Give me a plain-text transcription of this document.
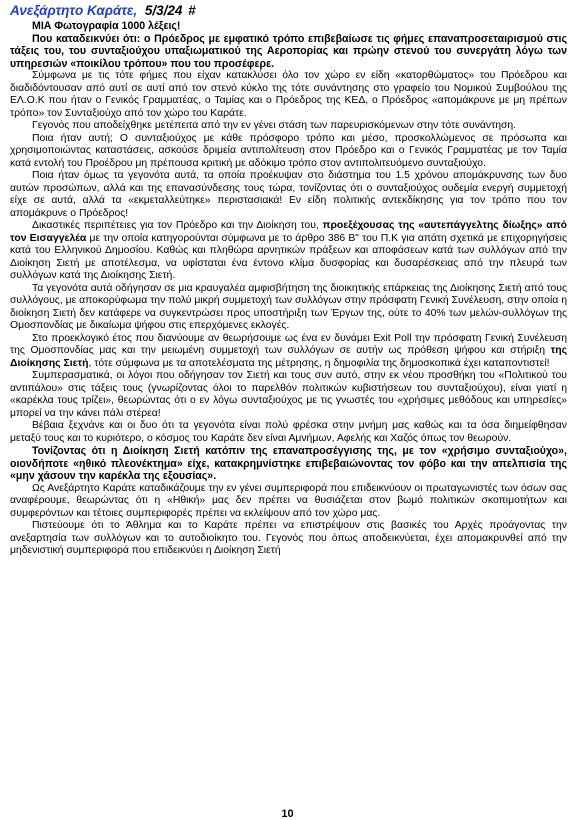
Ανεξάρτητο Καράτε, 5/3/24 #

ΜΙΑ Φωτογραφία 1000 λέξεις!

Που καταδεικνύει ότι: ο Πρόεδρος με εμφατικό τρόπο επιβεβαίωσε τις φήμες επαναπροσεταιρισμού στις τάξεις του, του συνταξιούχου υπαξιωματικού της Αεροπορίας και πρώην στενού του συνεργάτη λόγω των υπηρεσιών «ποικίλου τρόπου» που του προσέφερε.

Σύμφωνα με τις τότε φήμες που είχαν κατακλύσει όλο τον χώρο εν είδη «κατορθώματος» του Πρόεδρου και διαδιδόντουσαν από αυτί σε αυτί από τον στενό κύκλο της τότε συνάντησης στο γραφείο του Νομικού Συμβούλου της ΕΛ.Ο.Κ που ήταν ο Γενικός Γραμματέας, ο Ταμίας και ο Πρόεδρος της ΚΕΔ, ο Πρόεδρος «απομάκρυνε με μη πρέπων τρόπο» τον Συνταξιούχο από τον χώρο του Καράτε.

Γεγονός που αποδείχθηκε μετέπειτα από την εν γένει στάση των παρευρισκόμενων στην τότε συνάντηση.

Ποια ήταν αυτή; Ο συνταξιούχος με κάθε πρόσφορο τρόπο και μέσο, προσκολλώμενος σε πρόσωπα και χρησιμοποιώντας καταστάσεις, ασκούσε δριμεία αντιπολίτευση στον Πρόεδρο και ο Γενικός Γραμματέας με τον Ταμία κατά εντολή του Προέδρου μη πρέπουσα κριτική με αδόκιμο τρόπο στον αντιπολιτευόμενο συνταξιούχο.

Ποια ήταν όμως τα γεγονότα αυτά, τα οποία προέκυψαν στο διάστημα του 1.5 χρόνου απομάκρυνσης των δυο αυτών προσώπων, αλλά και της επανασύνδεσης τους τώρα, τονίζοντας ότι ο συνταξιούχος ουδεμία ενεργή συμμετοχή είχε σε αυτά, αλλά τα «εκμεταλλεύτηκε» περιστασιακά! Εν είδη πολιτικής αντεκδίκησης για τον τρόπο που τον απομάκρυνε ο Πρόεδρος!

Δικαστικές περιπέτειες για τον Πρόεδρο και την Διοίκηση του, προεξέχουσας της «αυτεπάγγελτης δίωξης» από τον Εισαγγελέα με την οποία κατηγορούνται σύμφωνα με το άρθρο 386 Β" του Π.Κ για απάτη σχετικά με επιχορηγήσεις κατά του Ελληνικού Δημοσίου. Καθώς και πληθώρα αρνητικών πράξεων και αποφάσεων κατά των συλλόγων από την Διοίκηση Σιετή με αποτέλεσμα, να υφίσταται ένα έντονο κλίμα δυσφορίας και δυσαρέσκειας από την πλευρά των συλλόγων κατά της Διοίκησης Σιετή.

Τα γεγονότα αυτά οδήγησαν σε μια κραυγαλέα αμφισβήτηση της διοικητικής επάρκειας της Διοίκησης Σιετή από τους συλλόγους, με αποκορύφωμα την πολύ μικρή συμμετοχή των συλλόγων στην πρόσφατη Γενική Συνέλευση, στην οποία η διοίκηση Σιετή δεν κατάφερε να συγκεντρώσει προς υποστήριξη των Έργων της, ούτε το 40% των μελών-συλλόγων της Ομοσπονδίας με δικαίωμα ψήφου στις επερχόμενες εκλογές.

Στο προεκλογικό έτος που διανύουμε αν θεωρήσουμε ως ένα εν δυνάμει Exit Poll την πρόσφατη Γενική Συνέλευση της Ομοσπονδίας μας και την μειωμένη συμμετοχή των συλλόγων σε αυτήν ως πρόθεση ψήφου και στήριξη της Διοίκησης Σιετή, τότε σύμφωνα με τα αποτελέσματα της μέτρησης, η δημοφιλία της δημοσκοπικά έχει καταποντιστεί!

Συμπερασματικά, οι λόγοι που οδήγησαν τον Σιετή και τους συν αυτό, στην εκ νέου προσθήκη του «Πολιτικού του αντιπάλου» στις τάξεις τους (γνωρίζοντας όλοι το παρελθόν πολιτικών κυβιστήσεων του συνταξιούχου), είναι γιατί η «καρέκλα τους τρίζει», θεωρώντας ότι ο εν λόγω συνταξιούχος με τις γνωστές του «χρήσιμες μεθόδους και υπηρεσίες» μπορεί να την κάνει πάλι στέρεα!

Βέβαια ξεχνάνε και οι δυο ότι τα γεγονότα είναι πολύ φρέσκα στην μνήμη μας καθώς και τα όσα διημείφθησαν μεταξύ τους και το κυριότερο, ο κόσμος του Καράτε δεν είναι Αμνήμων, Αφελής και Χαζός όπως τον θεωρούν.

Τονίζοντας ότι η Διοίκηση Σιετή κατόπιν της επαναπροσέγγισης της, με τον «χρήσιμο συνταξιούχο», οιονδήποτε «ηθικό πλεονέκτημα» είχε, κατακρημνίστηκε επιβεβαιώνοντας τον φόβο και την απελπισία της «μην χάσουν την καρέκλα της εξουσίας».

Ως Ανεξάρτητο Καράτε καταδικάζουμε την εν γένει συμπεριφορά που επιδεικνύουν οι πρωταγωνιστές των όσων σας αναφέρουμε, θεωρώντας ότι η «Ηθική» μας δεν πρέπει να θυσιάζεται στον βωμό πολιτικών σκοπιμοτήτων και συμφερόντων και τέτοιες συμπεριφορές πρέπει να εκλείψουν από τον χώρο μας.

Πιστεύουμε ότι το Άθλημα και το Καράτε πρέπει να επιστρέψουν στις βασικές του Αρχές προάγοντας την ανεξαρτησία των συλλόγων και το αυτοδιοίκητο του. Γεγονός που όπως αποδεικνύεται, έχει απομακρυνθεί από την μηδενιστική συμπεριφορά που επιδεικνύει η Διοίκηση Σιετή

10
